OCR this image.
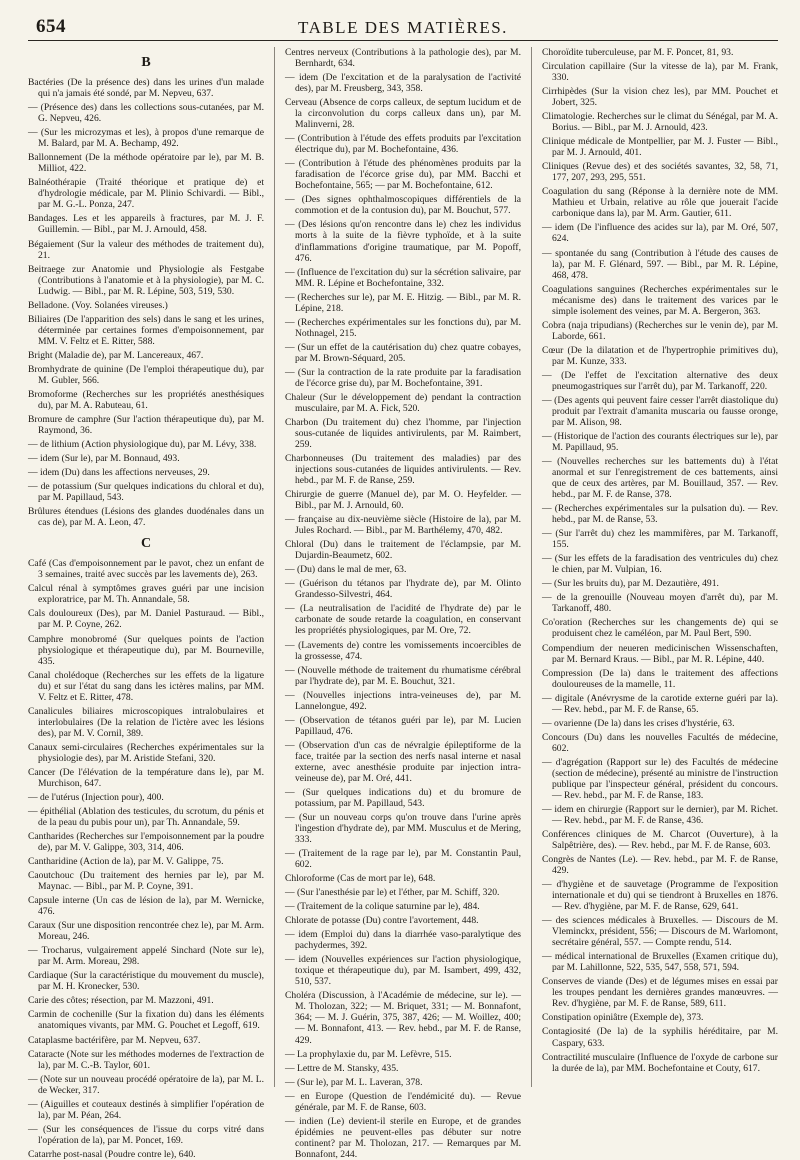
654	TABLE DES MATIÈRES.
B
Bactéries (De la présence des) dans les urines d'un malade qui n'a jamais été sondé, par M. Nepveu, 637.
— (Présence des) dans les collections sous-cutanées, par M. G. Nepveu, 426.
— (Sur les microzymas et les), à propos d'une remarque de M. Balard, par M. A. Bechamp, 492.
Ballonnement (De la méthode opératoire par le), par M. B. Milliot, 422.
Balnéothérapie (Traité théorique et pratique de) et d'hydrologie médicale, par M. Plinio Schivardi. — Bibl., par M. G.-L. Ponza, 247.
Bandages. Les et les appareils à fractures, par M. J. F. Guillemin. — Bibl., par M. J. Arnould, 458.
Bégaiement (Sur la valeur des méthodes de traitement du), 21.
Beitraege zur Anatomie und Physiologie als Festgabe (Contributions à l'anatomie et à la physiologie), par M. C. Ludwig. — Bibl., par M. R. Lépine, 503, 519, 530.
Belladone. (Voy. Solanées vireuses.)
Biliaires (De l'apparition des sels) dans le sang et les urines, déterminée par certaines formes d'empoisonnement, par MM. V. Feltz et E. Ritter, 588.
Bright (Maladie de), par M. Lancereaux, 467.
Bromhydrate de quinine (De l'emploi thérapeutique du), par M. Gubler, 566.
Bromoforme (Recherches sur les propriétés anesthésiques du), par M. A. Rabuteau, 61.
Bromure de camphre (Sur l'action thérapeutique du), par M. Raymond, 36.
— de lithium (Action physiologique du), par M. Lévy, 338.
— idem (Sur le), par M. Bonnaud, 493.
— idem (Du) dans les affections nerveuses, 29.
— de potassium (Sur quelques indications du chloral et du), par M. Papillaud, 543.
Brûlures étendues (Lésions des glandes duodénales dans un cas de), par M. A. Leon, 47.
C
Café (Cas d'empoisonnement par le pavot, chez un enfant de 3 semaines, traité avec succès par les lavements de), 263.
Calcul rénal à symptômes graves guéri par une incision exploratrice, par M. Th. Annandale, 58.
Cals douloureux (Des), par M. Daniel Pasturaud. — Bibl., par M. P. Coyne, 262.
Camphre monobromé (Sur quelques points de l'action physiologique et thérapeutique du), par M. Bourneville, 435.
Canal cholédoque (Recherches sur les effets de la ligature du) et sur l'état du sang dans les ictères malins, par MM. V. Feltz et E. Ritter, 478.
Canalicules biliaires microscopiques intralobulaires et interlobulaires (De la relation de l'ictère avec les lésions des), par M. V. Cornil, 389.
Canaux semi-circulaires (Recherches expérimentales sur la physiologie des), par M. Aristide Stefani, 320.
Cancer (De l'élévation de la température dans le), par M. Murchison, 647.
— de l'utérus (Injection pour), 400.
— épithélial (Ablation des testicules, du scrotum, du pénis et de la peau du pubis pour un), par Th. Annandale, 59.
Cantharides (Recherches sur l'empoisonnement par la poudre de), par M. V. Galippe, 303, 314, 406.
Cantharidine (Action de la), par M. V. Galippe, 75.
Caoutchouc (Du traitement des hernies par le), par M. Maynac. — Bibl., par M. P. Coyne, 391.
Capsule interne (Un cas de lésion de la), par M. Wernicke, 476.
Caraux (Sur une disposition rencontrée chez le), par M. Arm. Moreau, 246.
— Trocharus, vulgairement appelé Sinchard (Note sur le), par M. Arm. Moreau, 298.
Cardiaque (Sur la caractéristique du mouvement du muscle), par M. H. Kronecker, 530.
Carie des côtes; résection, par M. Mazzoni, 491.
Carmin de cochenille (Sur la fixation du) dans les éléments anatomiques vivants, par MM. G. Pouchet et Legoff, 619.
Cataplasme bactérifère, par M. Nepveu, 637.
Cataracte (Note sur les méthodes modernes de l'extraction de la), par M. C.-B. Taylor, 601.
— (Note sur un nouveau procédé opératoire de la), par M. L. de Wecker, 317.
— (Aiguilles et couteaux destinés à simplifier l'opération de la), par M. Péan, 264.
— (Sur les conséquences de l'issue du corps vitré dans l'opération de la), par M. Poncet, 169.
Catarrhe post-nasal (Poudre contre le), 640.
Centres nerveux (Contributions à la pathologie des), par M. Bernhardt, 634.
— idem (De l'excitation et de la paralysation de l'activité des), par M. Freusberg, 343, 358.
Cerveau (Absence de corps calleux, de septum lucidum et de la circonvolution du corps calleux dans un), par M. Malinverni, 28.
— (Contribution à l'étude des effets produits par l'excitation électrique du), par M. Bochefontaine, 436.
— (Contribution à l'étude des phénomènes produits par la faradisation de l'écorce grise du), par MM. Bacchi et Bochefontaine, 565; — par M. Bochefontaine, 612.
— (Des signes ophthalmoscopiques différentiels de la commotion et de la contusion du), par M. Bouchut, 577.
— (Des lésions qu'on rencontre dans le) chez les individus morts à la suite de la fièvre typhoïde, et à la suite d'inflammations d'origine traumatique, par M. Popoff, 476.
— (Influence de l'excitation du) sur la sécrétion salivaire, par MM. R. Lépine et Bochefontaine, 332.
— (Recherches sur le), par M. E. Hitzig. — Bibl., par M. R. Lépine, 218.
— (Recherches expérimentales sur les fonctions du), par M. Nothnagel, 215.
— (Sur un effet de la cautérisation du) chez quatre cobayes, par M. Brown-Séquard, 205.
— (Sur la contraction de la rate produite par la faradisation de l'écorce grise du), par M. Bochefontaine, 391.
Chaleur (Sur le développement de) pendant la contraction musculaire, par M. A. Fick, 520.
Charbon (Du traitement du) chez l'homme, par l'injection sous-cutanée de liquides antivirulents, par M. Raimbert, 259.
Charbonneuses (Du traitement des maladies) par des injections sous-cutanées de liquides antivirulents. — Rev. hebd., par M. F. de Ranse, 259.
Chirurgie de guerre (Manuel de), par M. O. Heyfelder. — Bibl., par M. J. Arnould, 60.
— française au dix-neuvième siècle (Histoire de la), par M. Jules Rochard. — Bibl., par M. Barthélemy, 470, 482.
Chloral (Du) dans le traitement de l'éclampsie, par M. Dujardin-Beaumetz, 602.
— (Du) dans le mal de mer, 63.
— (Guérison du tétanos par l'hydrate de), par M. Olinto Grandesso-Silvestri, 464.
— (La neutralisation de l'acidité de l'hydrate de) par le carbonate de soude retarde la coagulation, en conservant les propriétés physiologiques, par M. Ore, 72.
— (Lavements de) contre les vomissements incoercibles de la grossesse, 474.
— (Nouvelle méthode de traitement du rhumatisme cérébral par l'hydrate de), par M. E. Bouchut, 321.
— (Nouvelles injections intra-veineuses de), par M. Lannelongue, 492.
— (Observation de tétanos guéri par le), par M. Lucien Papillaud, 476.
— (Observation d'un cas de névralgie épileptiforme de la face, traitée par la section des nerfs nasal interne et nasal externe, avec anesthésie produite par injection intra-veineuse de), par M. Oré, 441.
— (Sur quelques indications du) et du bromure de potassium, par M. Papillaud, 543.
— (Sur un nouveau corps qu'on trouve dans l'urine après l'ingestion d'hydrate de), par MM. Musculus et de Mering, 333.
— (Traitement de la rage par le), par M. Constantin Paul, 602.
Chloroforme (Cas de mort par le), 648.
— (Sur l'anesthésie par le) et l'éther, par M. Schiff, 320.
— (Traitement de la colique saturnine par le), 484.
Chlorate de potasse (Du) contre l'avortement, 448.
— idem (Emploi du) dans la diarrhée vaso-paralytique des pachydermes, 392.
— idem (Nouvelles expériences sur l'action physiologique, toxique et thérapeutique du), par M. Isambert, 499, 432, 510, 537.
Choléra (Discussion, à l'Académie de médecine, sur le). — M. Tholozan, 322; — M. Briquet, 331; — M. Bonnafont, 364; — M. J. Guérin, 375, 387, 426; — M. Woillez, 400; — M. Bonnafont, 413. — Rev. hebd., par M. F. de Ranse, 429.
— La prophylaxie du, par M. Lefèvre, 515.
— Lettre de M. Stansky, 435.
— (Sur le), par M. L. Laveran, 378.
— en Europe (Question de l'endémicité du). — Revue générale, par M. F. de Ranse, 603.
— indien (Le) devient-il sterile en Europe, et de grandes épidémies ne peuvent-elles pas débuter sur notre continent? par M. Tholozan, 217. — Remarques par M. Bonnafont, 244.
Choroïdite tuberculeuse, par M. F. Poncet, 81, 93.
Circulation capillaire (Sur la vitesse de la), par M. Frank, 330.
Cirrhipèdes (Sur la vision chez les), par MM. Pouchet et Jobert, 325.
Climatologie. Recherches sur le climat du Sénégal, par M. A. Borius. — Bibl., par M. J. Arnould, 423.
Clinique médicale de Montpellier, par M. J. Fuster — Bibl., par M. J. Arnould, 401.
Cliniques (Revue des) et des sociétés savantes, 32, 58, 71, 177, 207, 293, 295, 551.
Coagulation du sang (Réponse à la dernière note de MM. Mathieu et Urbain, relative au rôle que jouerait l'acide carbonique dans la), par M. Arm. Gautier, 611.
— idem (De l'influence des acides sur la), par M. Oré, 507, 624.
— spontanée du sang (Contribution à l'étude des causes de la), par M. F. Glénard, 597. — Bibl., par M. R. Lépine, 468, 478.
Coagulations sanguines (Recherches expérimentales sur le mécanisme des) dans le traitement des varices par le simple isolement des veines, par M. A. Bergeron, 363.
Cobra (naja tripudians) (Recherches sur le venin de), par M. Laborde, 661.
Cœur (De la dilatation et de l'hypertrophie primitives du), par M. Kunze, 333.
— (De l'effet de l'excitation alternative des deux pneumogastriques sur l'arrêt du), par M. Tarkanoff, 220.
— (Des agents qui peuvent faire cesser l'arrêt diastolique du) produit par l'extrait d'amanita muscaria ou fausse oronge, par M. Alison, 98.
— (Historique de l'action des courants électriques sur le), par M. Papillaud, 95.
— (Nouvelles recherches sur les battements du) à l'état anormal et sur l'enregistrement de ces battements, ainsi que de ceux des artères, par M. Bouillaud, 357. — Rev. hebd., par M. F. de Ranse, 378.
— (Recherches expérimentales sur la pulsation du). — Rev. hebd., par M. de Ranse, 53.
— (Sur l'arrêt du) chez les mammifères, par M. Tarkanoff, 155.
— (Sur les effets de la faradisation des ventricules du) chez le chien, par M. Vulpian, 16.
— (Sur les bruits du), par M. Dezautière, 491.
— de la grenouille (Nouveau moyen d'arrêt du), par M. Tarkanoff, 480.
Co'oration (Recherches sur les changements de) qui se produisent chez le caméléon, par M. Paul Bert, 590.
Compendium der neueren medicinischen Wissenschaften, par M. Bernard Kraus. — Bibl., par M. R. Lépine, 440.
Compression (De la) dans le traitement des affections douloureuses de la mamelle, 11.
— digitale (Anévrysme de la carotide externe guéri par la). — Rev. hebd., par M. F. de Ranse, 65.
— ovarienne (De la) dans les crises d'hystérie, 63.
Concours (Du) dans les nouvelles Facultés de médecine, 602.
— d'agrégation (Rapport sur le) des Facultés de médecine (section de médecine), présenté au ministre de l'instruction publique par l'inspecteur général, président du concours. — Rev. hebd., par M. F. de Ranse, 183.
— idem en chirurgie (Rapport sur le dernier), par M. Richet. — Rev. hebd., par M. F. de Ranse, 436.
Conférences cliniques de M. Charcot (Ouverture), à la Salpêtrière, des). — Rev. hebd., par M. F. de Ranse, 603.
Congrès de Nantes (Le). — Rev. hebd., par M. F. de Ranse, 429.
— d'hygiène et de sauvetage (Programme de l'exposition internationale et du) qui se tiendront à Bruxelles en 1876. — Rev. d'hygiène, par M. F. de Ranse, 629, 641.
— des sciences médicales à Bruxelles. — Discours de M. Vleminckx, président, 556; — Discours de M. Warlomont, secrétaire général, 557. — Compte rendu, 514.
— médical international de Bruxelles (Examen critique du), par M. Lahillonne, 522, 535, 547, 558, 571, 594.
Conserves de viande (Des) et de légumes mises en essai par les troupes pendant les dernières grandes manœuvres. — Rev. d'hygiène, par M. F. de Ranse, 589, 611.
Constipation opiniâtre (Exemple de), 373.
Contagiosité (De la) de la syphilis héréditaire, par M. Caspary, 633.
Contractilité musculaire (Influence de l'oxyde de carbone sur la durée de la), par MM. Bochefontaine et Couty, 617.
